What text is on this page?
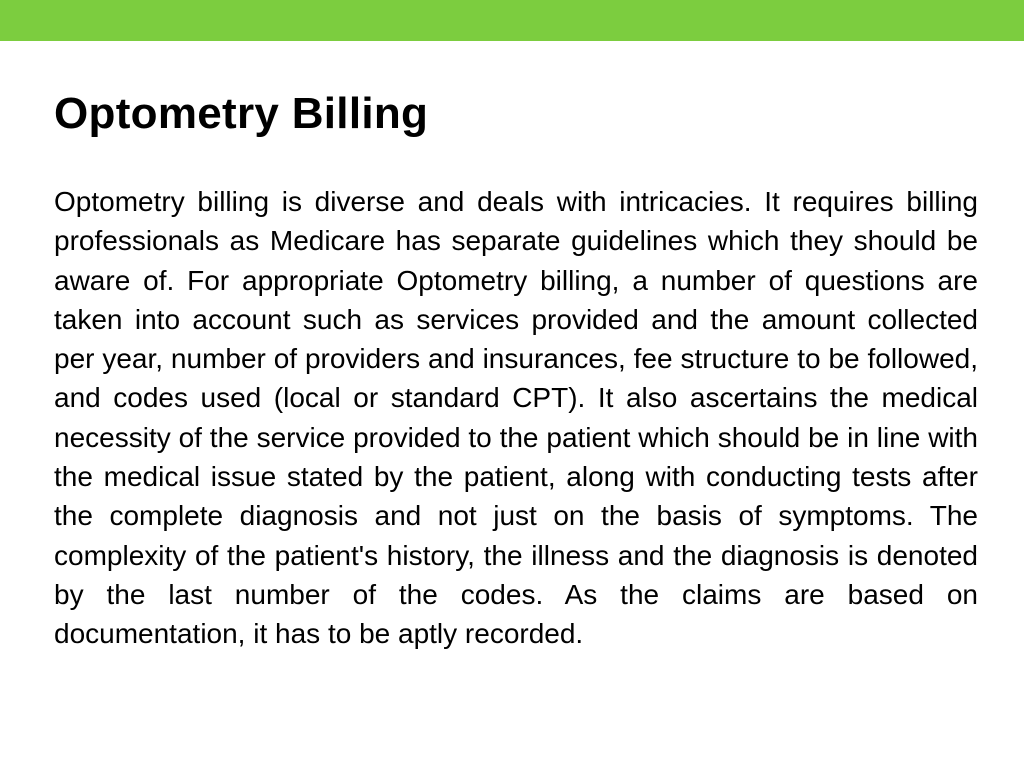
Optometry Billing

Optometry billing is diverse and deals with intricacies. It requires billing professionals as Medicare has separate guidelines which they should be aware of. For appropriate Optometry billing, a number of questions are taken into account such as services provided and the amount collected per year, number of providers and insurances, fee structure to be followed, and codes used (local or standard CPT). It also ascertains the medical necessity of the service provided to the patient which should be in line with the medical issue stated by the patient, along with conducting tests after the complete diagnosis and not just on the basis of symptoms. The complexity of the patient's history, the illness and the diagnosis is denoted by the last number of the codes. As the claims are based on documentation, it has to be aptly recorded.
